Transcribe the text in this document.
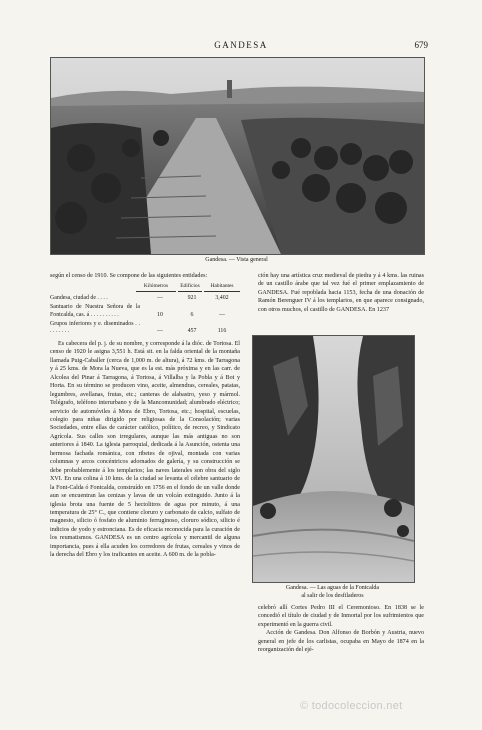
GANDESA	679
Gandesa. — Vista general

según el censo de 1910. Se compone de las siguientes entidades:

Kilómetros	Edificios	Habitantes
Gandesa, ciudad de . . . .	—	921	3,402
Santuario de Nuestra Señora de la Fontcalda, cas. á . . . . . . . . . .	10	6	—
Grupos inferiores y e. diseminados . . . . . . . . .	—	457	116

Es cabecera del p. j. de su nombre, y corresponde á la dióc. de Tortosa. El censo de 1920 le asigna 3,551 h. Está sit. en la falda oriental de la montaña llamada Puig-Caballer (cerca de 1,000 m. de altura), á 72 kms. de Tarragona y á 25 kms. de Mora la Nueva, que es la est. más próxima y en las carr. de Alcolea del Pinar á Tarragona, á Tortosa, á Villalba y la Pobla y á Bot y Horta. En su término se producen vino, aceite, almendras, cereales, patatas, legumbres, avellanas, frutas, etc.; canteras de alabastro, yeso y mármol. Telégrafo, teléfono interurbano y de la Mancomunidad; alumbrado eléctrico; servicio de automóviles á Mora de Ebro, Tortosa, etc.; hospital, escuelas, colegio para niñas dirigido por religiosas de la Consolación; varias Sociedades, entre ellas de carácter católico, político, de recreo, y Sindicato Agrícola. Sus calles son irregulares, aunque las más antiguas no son anteriores á 1840. La iglesia parroquial, dedicada á la Asunción, ostenta una hermosa fachada románica, con ribetes de ojival, montada con varias columnas y arcos concéntricos adornados de galería, y su construcción se debe probablemente á los templarios; las naves laterales son obra del siglo XVI. En una colina á 10 kms. de la ciudad se levanta el célebre santuario de la Font-Calda ó Fontcalda, construído en 1756 en el fondo de un valle donde aun se encuentran las cenizas y lavas de un volcán extinguido. Junto á la iglesia brota una fuente de 5 hectolitros de agua por minuto, á una temperatura de 25° C., que contiene cloruro y carbonato de calcio, sulfato de magnesio, silicio ó fosfato de aluminio ferruginoso, cloruro sódico, silicio é indicios de yodo y estronciana. Es de eficacia reconocida para la curación de los reumatismos. GANDESA es un centro agrícola y mercantil de alguna importancia, pues á ella acuden los corredores de frutas, cereales y vinos de la derecha del Ebro y los traficantes en aceite. A 600 m. de la pobla-

ción hay una artística cruz medieval de piedra y á 4 kms. las ruinas de un castillo árabe que tal vez fué el primer emplazamiento de GANDESA. Fué repoblada hacia 1153, fecha de una donación de Ramón Berenguer IV á los templarios, en que aparece consignado, con otros muchos, el castillo de GANDESA. En 1237

Gandesa. — Las aguas de la Fontcalda
al salir de los desfiladeros

celebró allí Cortes Pedro III el Ceremonioso. En 1838 se le concedió el título de ciudad y de Inmortal por los sufrimientos que experimentó en la guerra civil.

Acción de Gandesa. Don Alfonso de Borbón y Austria, nuevo general en jefe de los carlistas, ocupaba en Mayo de 1874 en la reorganización del ejé-

© todocoleccion.net
